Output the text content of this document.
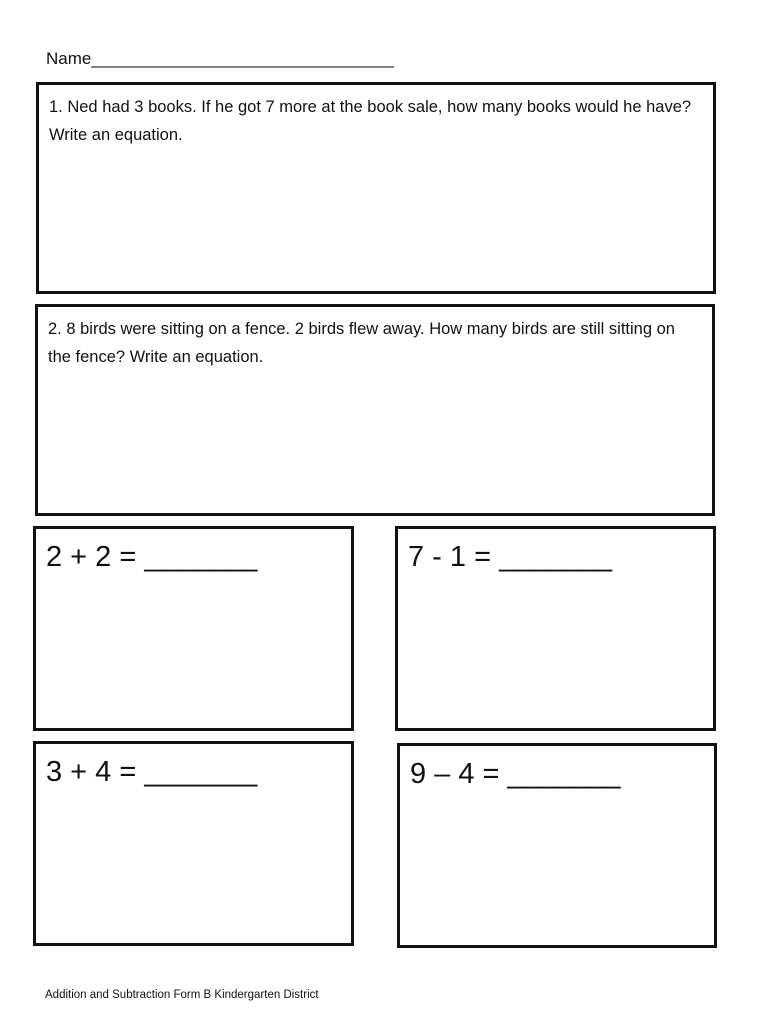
Name________________________________
1. Ned had 3 books. If he got 7 more at the book sale, how many books would he have? Write an equation.
2. 8 birds were sitting on a fence. 2 birds flew away. How many birds are still sitting on the fence? Write an equation.
2 + 2 = _______	7 - 1 = _______
3 + 4 = _______	9 – 4 = _______
Addition and Subtraction Form B Kindergarten District
